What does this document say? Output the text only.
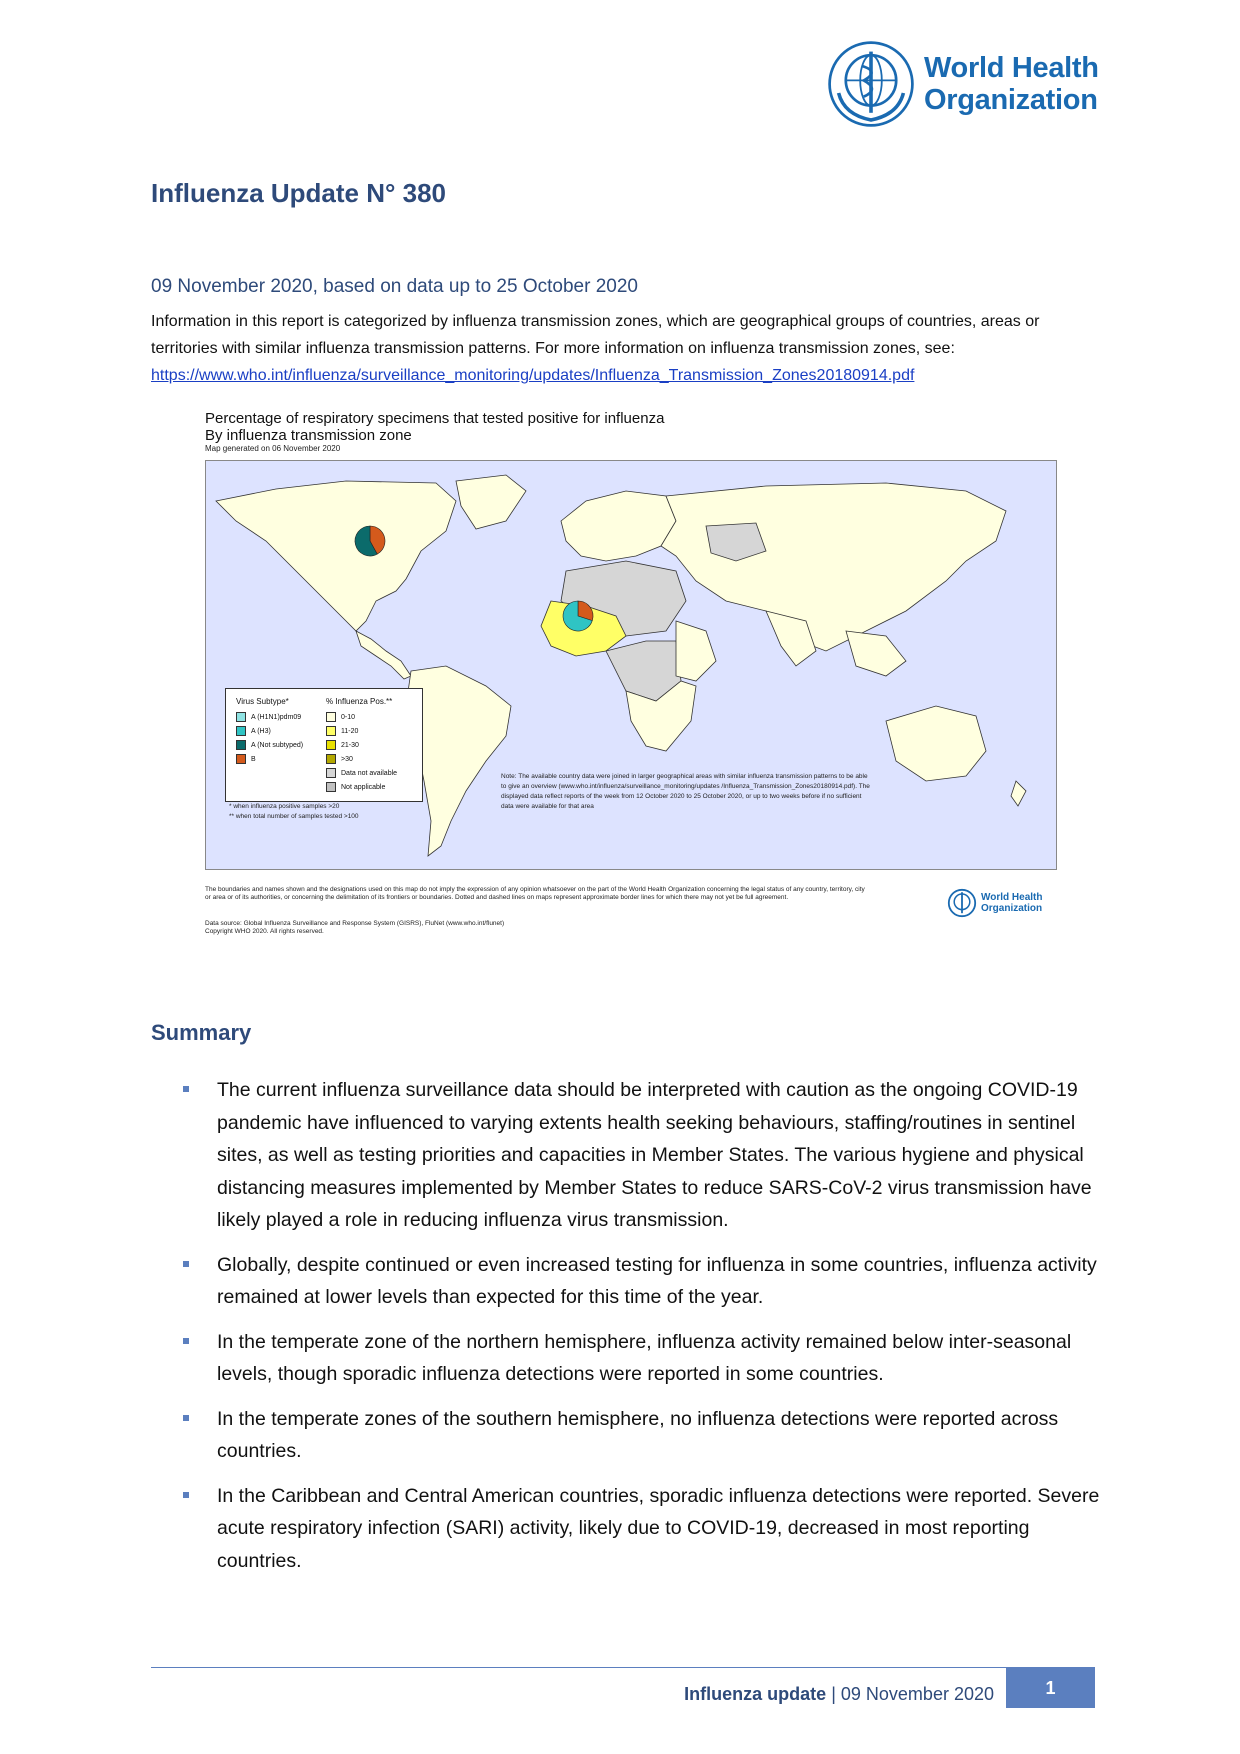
World Health
Organization
Influenza Update N° 380
09 November 2020, based on data up to 25 October 2020
Information in this report is categorized by influenza transmission zones, which are geographical groups of countries, areas or territories with similar influenza transmission patterns. For more information on influenza transmission zones, see:
https://www.who.int/influenza/surveillance_monitoring/updates/Influenza_Transmission_Zones20180914.pdf
Percentage of respiratory specimens that tested positive for influenza
By influenza transmission zone
Map generated on 06 November 2020
Virus Subtype*
A (H1N1)pdm09
A (H3)
A (Not subtyped)
B
% Influenza Pos.**
0-10
11-20
21-30
>30
Data not available
Not applicable
Note: The available country data were joined in larger geographical areas with similar influenza transmission patterns to be able to give an overview (www.who.int/influenza/surveillance_monitoring/updates /Influenza_Transmission_Zones20180914.pdf). The displayed data reflect reports of the week from 12 October 2020 to 25 October 2020, or up to two weeks before if no sufficient data were available for that area
* when influenza positive samples >20
** when total number of samples tested >100
The boundaries and names shown and the designations used on this map do not imply the expression of any opinion whatsoever on the part of the World Health Organization concerning the legal status of any country, territory, city or area or of its authorities, or concerning the delimitation of its frontiers or boundaries. Dotted and dashed lines on maps represent approximate border lines for which there may not yet be full agreement.
Data source: Global Influenza Surveillance and Response System (GISRS), FluNet (www.who.int/flunet)
Copyright WHO 2020. All rights reserved.
World Health
Organization
Summary
The current influenza surveillance data should be interpreted with caution as the ongoing COVID-19 pandemic have influenced to varying extents health seeking behaviours, staffing/routines in sentinel sites, as well as testing priorities and capacities in Member States. The various hygiene and physical distancing measures implemented by Member States to reduce SARS-CoV-2 virus transmission have likely played a role in reducing influenza virus transmission.
Globally, despite continued or even increased testing for influenza in some countries, influenza activity remained at lower levels than expected for this time of the year.
In the temperate zone of the northern hemisphere, influenza activity remained below inter-seasonal levels, though sporadic influenza detections were reported in some countries.
In the temperate zones of the southern hemisphere, no influenza detections were reported across countries.
In the Caribbean and Central American countries, sporadic influenza detections were reported. Severe acute respiratory infection (SARI) activity, likely due to COVID-19, decreased in most reporting countries.
Influenza update | 09 November 2020	1
